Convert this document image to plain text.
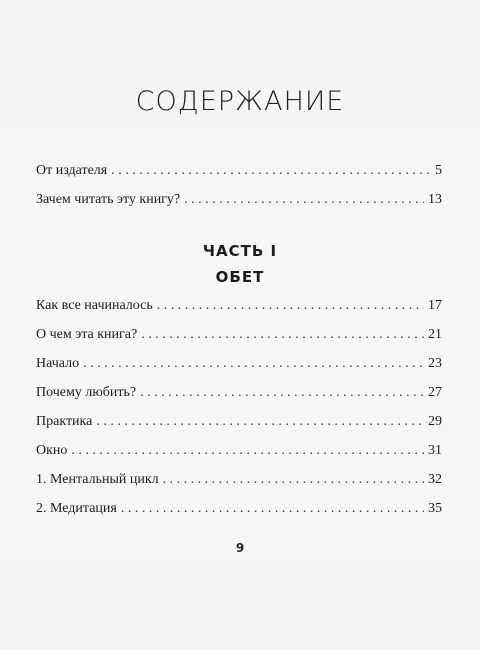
СОДЕРЖАНИЕ
От издателя . . .	5
Зачем читать эту книгу? . . .	13
ЧАСТЬ I
ОБЕТ
Как все начиналось . . .	17
О чем эта книга? . . .	21
Начало . . .	23
Почему любить? . . .	27
Практика . . .	29
Окно . . .	31
1. Ментальный цикл . . .	32
2. Медитация . . .	35
9
